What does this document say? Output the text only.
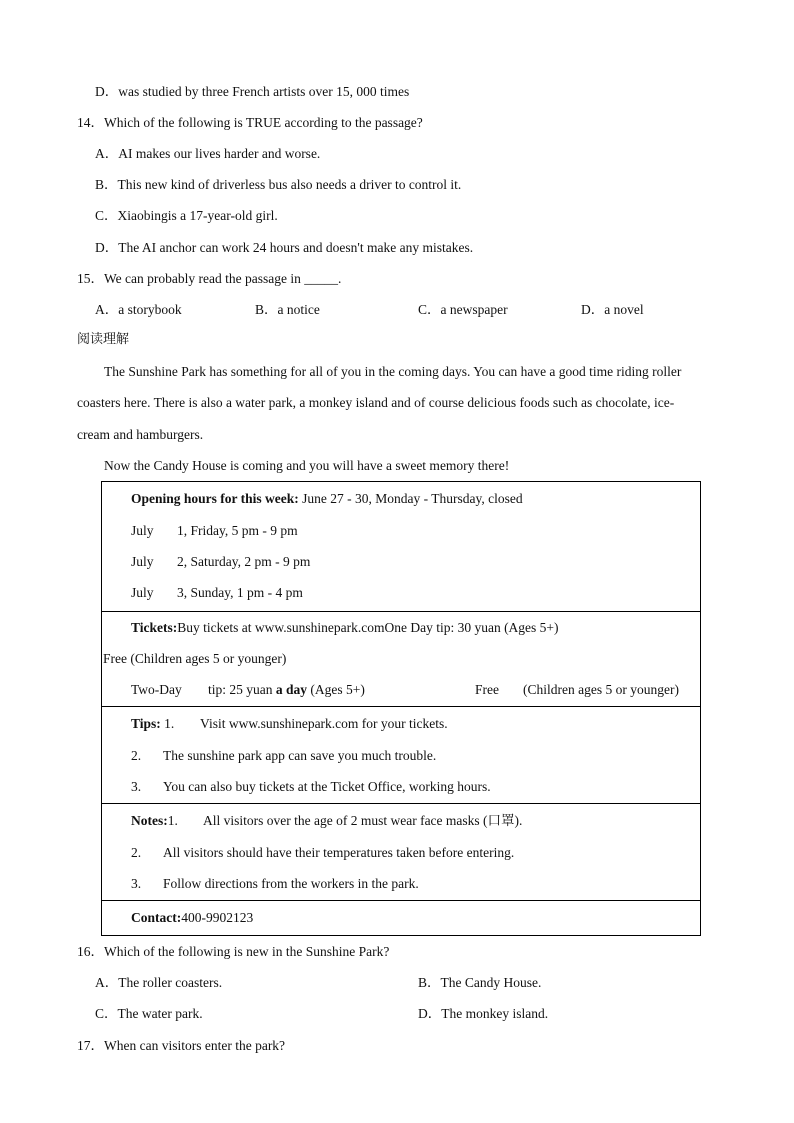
D．was studied by three French artists over 15, 000 times
14．Which of the following is TRUE according to the passage?
A．AI makes our lives harder and worse.
B．This new kind of driverless bus also needs a driver to control it.
C．Xiaobingis a 17-year-old girl.
D．The AI anchor can work 24 hours and doesn't make any mistakes.
15．We can probably read the passage in _____.
A．a storybook	B．a notice	C．a newspaper	D．a novel
阅读理解
The Sunshine Park has something for all of you in the coming days. You can have a good time riding roller
coasters here. There is also a water park, a monkey island and of course delicious foods such as chocolate, ice-
cream and hamburgers.
Now the Candy House is coming and you will have a sweet memory there!
Opening hours for this week: June 27 - 30, Monday - Thursday, closed
July 1, Friday, 5 pm - 9 pm
July 2, Saturday, 2 pm - 9 pm
July 3, Sunday, 1 pm - 4 pm
Tickets:Buy tickets at www.sunshinepark.comOne Day tip: 30 yuan (Ages 5+)
Free (Children ages 5 or younger)
Two-Day tip: 25 yuan a day (Ages 5+)	Free (Children ages 5 or younger)
Tips: 1. Visit www.sunshinepark.com for your tickets.
2. The sunshine park app can save you much trouble.
3. You can also buy tickets at the Ticket Office, working hours.
Notes:1. All visitors over the age of 2 must wear face masks (口罩).
2. All visitors should have their temperatures taken before entering.
3. Follow directions from the workers in the park.
Contact:400-9902123
16．Which of the following is new in the Sunshine Park?
A．The roller coasters.	B．The Candy House.
C．The water park.	D．The monkey island.
17．When can visitors enter the park?
